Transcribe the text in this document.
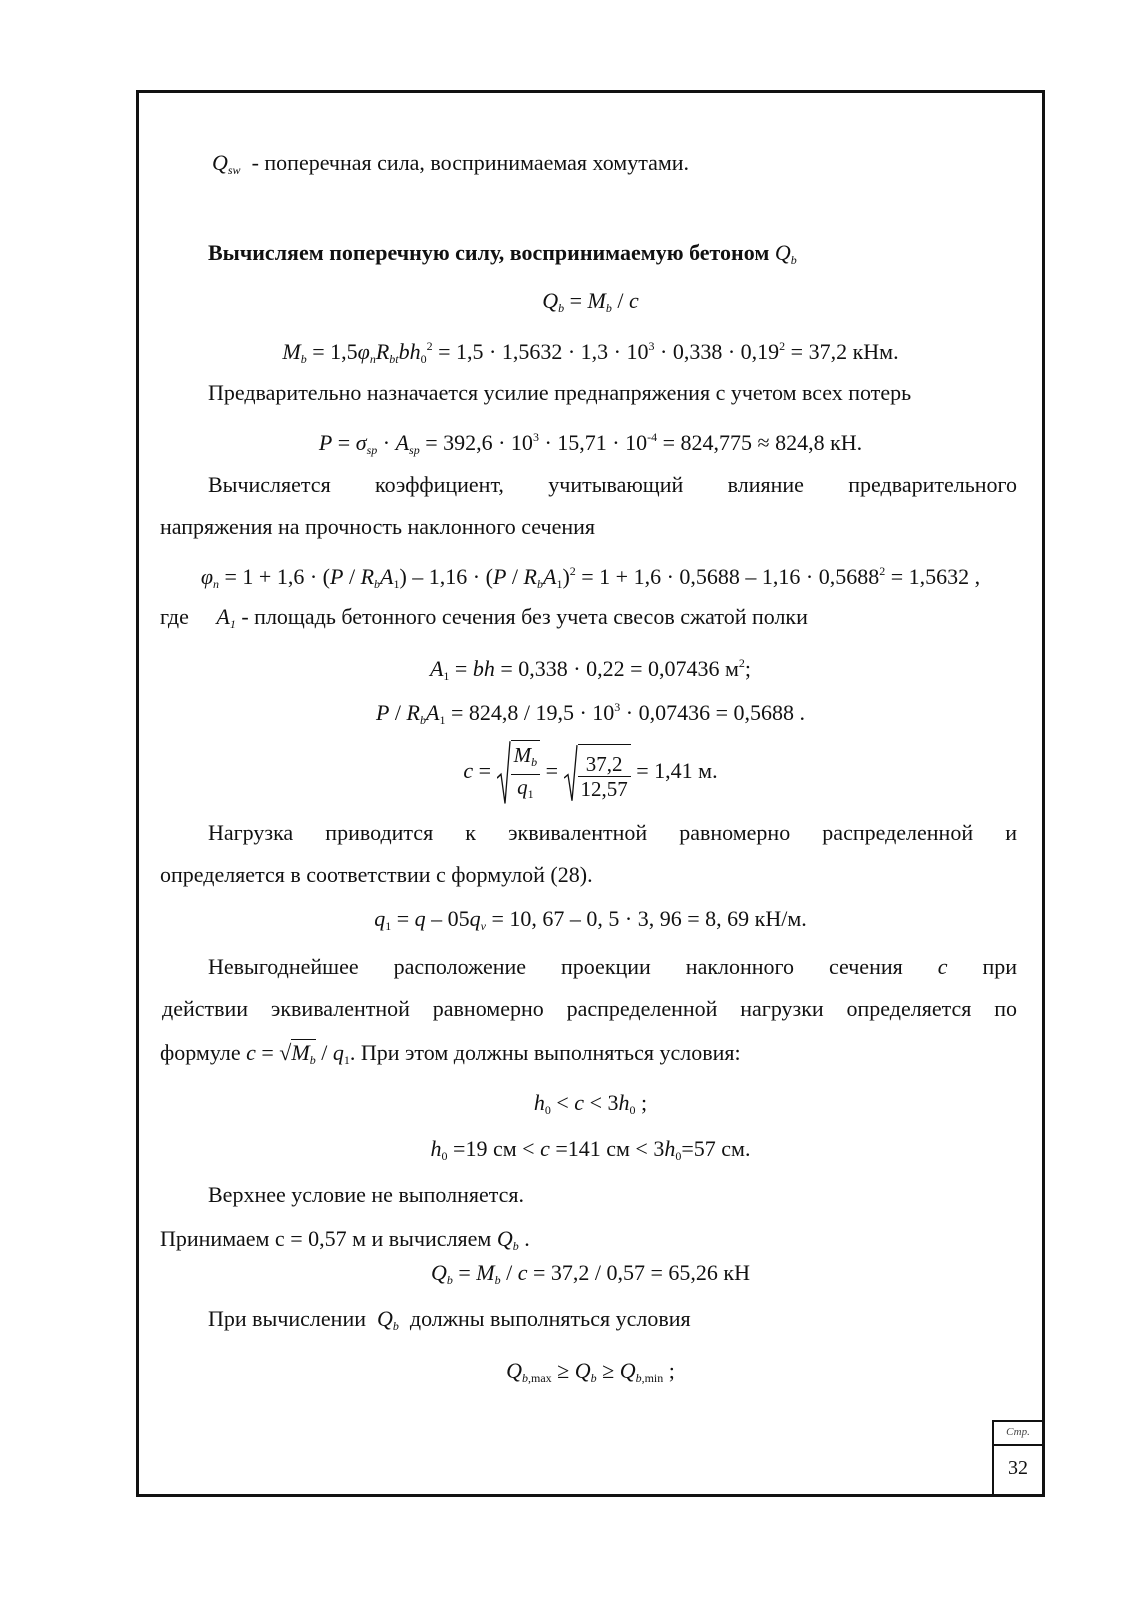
$Q_{sw}$ - поперечная сила, воспринимаемая хомутами.
Вычисляем поперечную силу, воспринимаемую бетоном $Q_b$
$Q_b = M_b / c$
$M_b = 1,5\varphi_nR_{bt}bh_0^2 = 1,5 \cdot 1,5632 \cdot 1,3 \cdot 10^3 \cdot 0,338 \cdot 0,19^2 = 37,2$ кНм.
Предварительно назначается усилие преднапряжения с учетом всех потерь
$P = \sigma_{sp} \cdot A_{sp} = 392,6 \cdot 10^3 \cdot 15,71 \cdot 10^{-4} = 824,775 \approx 824,8$ кН.
Вычисляется коэффициент, учитывающий влияние предварительного
напряжения на прочность наклонного сечения
$\varphi_n = 1 + 1,6 \cdot (P / R_bA_1) - 1,16 \cdot (P / R_bA_1)^2 = 1 + 1,6 \cdot 0,5688 - 1,16 \cdot 0,5688^2 = 1,5632$ ,
где $A_1$ - площадь бетонного сечения без учета свесов сжатой полки
$A_1$ = bh = 0,338 · 0,22 = 0,07436 $м^2$;
$P / R_bA_1 = 824,8 / 19,5 \cdot 10^3 \cdot 0,07436 = 0,5688$ .
$c = \frac{M_b}{q_1} = \frac{37,2}{12,57} = 1,41$ м.
Нагрузка приводится к эквивалентной равномерно распределенной и
определяется в соответствии с формулой (28).
$q_1 = q - 05q_v = 10$, 67 – 0, 5 · 3, 96 = 8, 69 кН/м.
Невыгоднейшее расположение проекции наклонного сечения c при
действии эквивалентной равномерно распределенной нагрузки определяется по
формуле $c = √M_b / q_1$. При этом должны выполняться условия:
$h_0 < c < 3h_0$ ;
$h_0 =19$ см < c =141 см < $3h_0=57$ см.
Верхнее условие не выполняется.
Принимаем с = 0,57 м и вычисляем $Q_b$ .
$Q_b = M_b / c = 37,2 / 0,57 = 65,26$ кН
При вычислении $Q_b$ должны выполняться условия
$Q_{b,max} \ge Q_b \ge Q_{b,min}$ ;
Стр.
32
